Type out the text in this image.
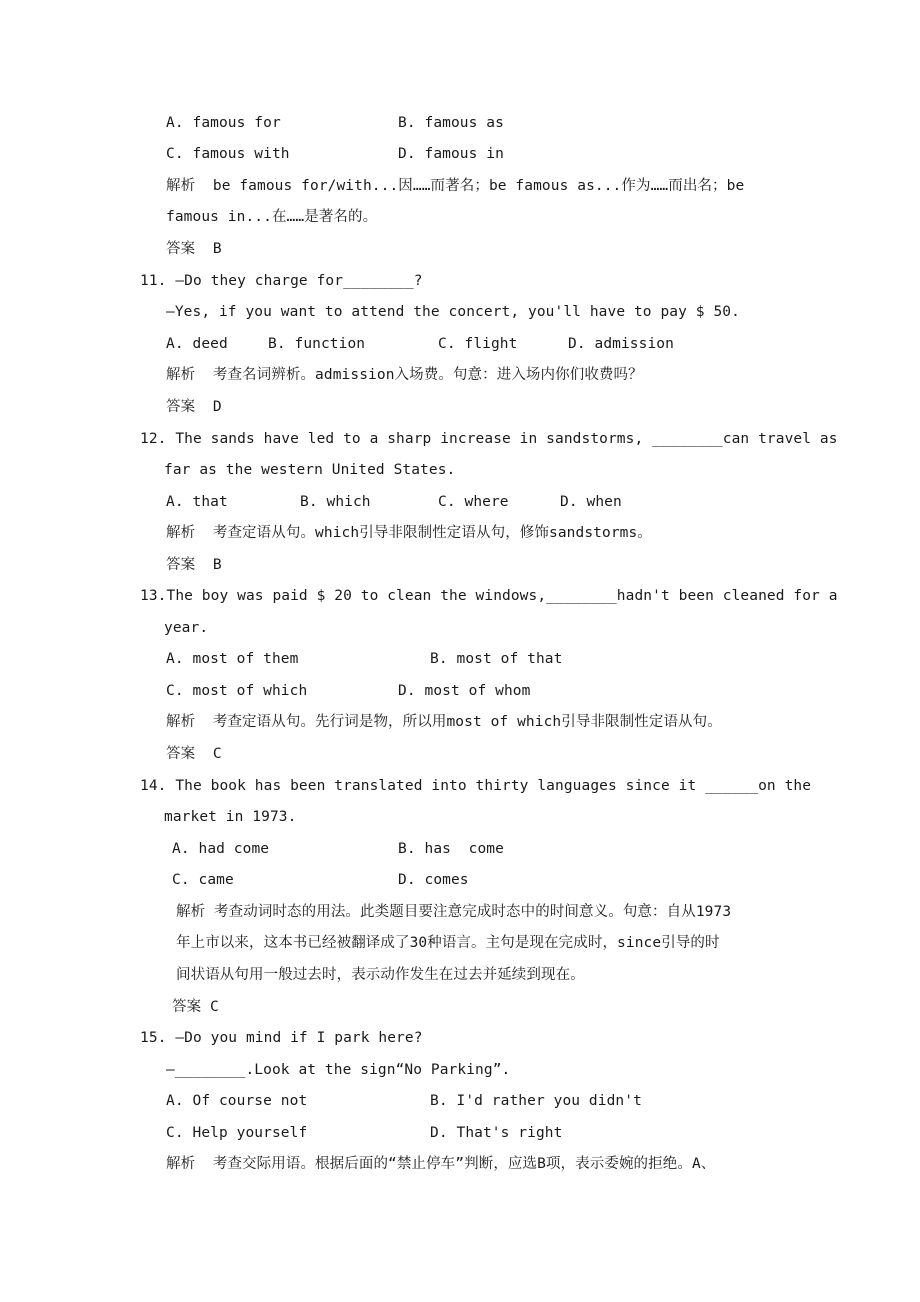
A. famous for	B. famous as
C. famous with	D. famous in
解析  be famous for/with...因……而著名；be famous as...作为……而出名；be
famous in...在……是著名的。
答案  B
11. —Do they charge for________?
—Yes, if you want to attend the concert, you'll have to pay $ 50.
A. deed	B. function	C. flight	D. admission
解析  考查名词辨析。admission入场费。句意：进入场内你们收费吗？
答案  D
12. The sands have led to a sharp increase in sandstorms, ________can travel as
far as the western United States.
A. that	B. which	C. where	D. when
解析  考查定语从句。which引导非限制性定语从句，修饰sandstorms。
答案  B
13.The boy was paid $ 20 to clean the windows,________hadn't been cleaned for a
year.
A. most of them	B. most of that
C. most of which	D. most of whom
解析  考查定语从句。先行词是物，所以用most of which引导非限制性定语从句。
答案  C
14. The book has been translated into thirty languages since it ______on the
market in 1973.
A. had come	B. has  come
C. came	D. comes
解析 考查动词时态的用法。此类题目要注意完成时态中的时间意义。句意：自从1973
年上市以来，这本书已经被翻译成了30种语言。主句是现在完成时，since引导的时
间状语从句用一般过去时，表示动作发生在过去并延续到现在。
答案 C
15. —Do you mind if I park here?
—________.Look at the sign“No Parking”.
A. Of course not	B. I'd rather you didn't
C. Help yourself	D. That's right
解析  考查交际用语。根据后面的“禁止停车”判断，应选B项，表示委婉的拒绝。A、
